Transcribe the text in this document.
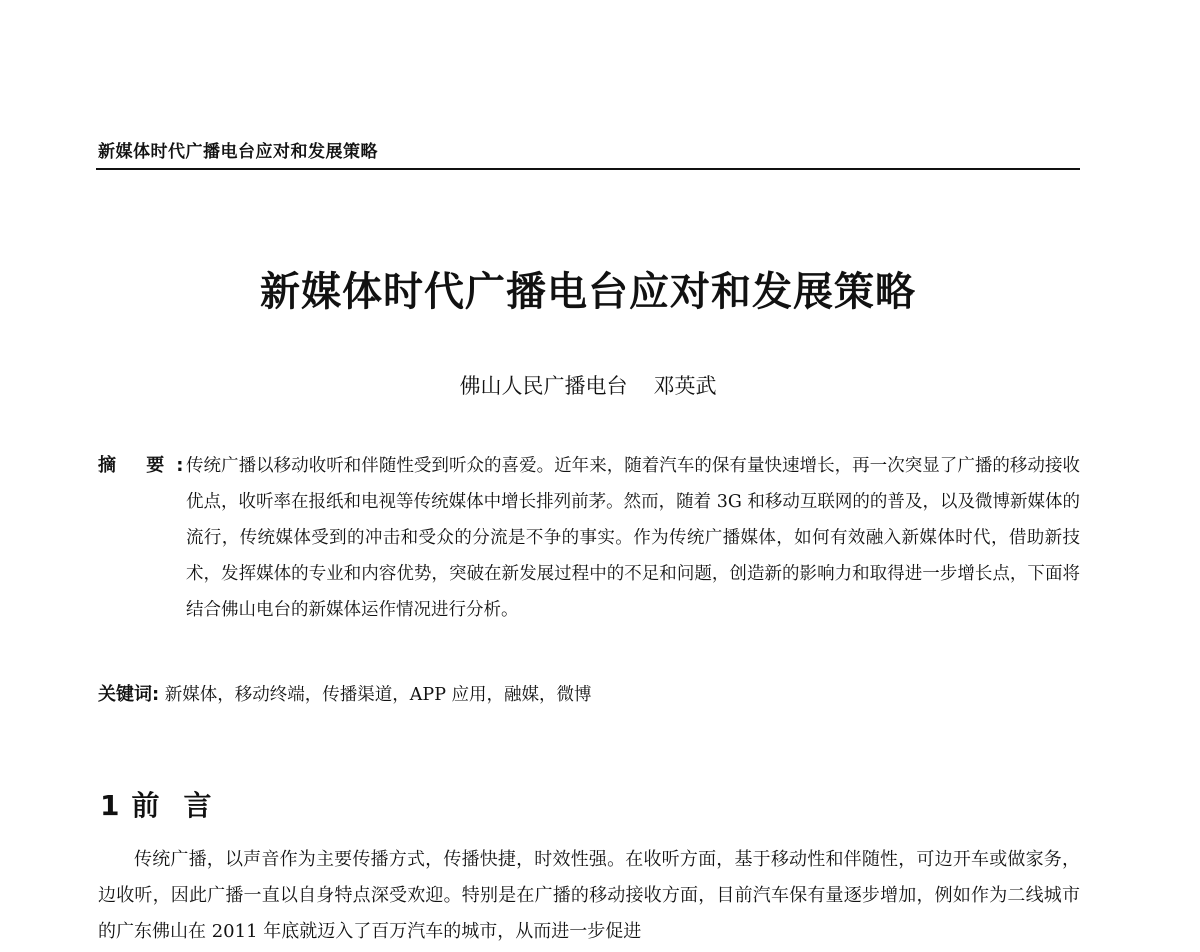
新媒体时代广播电台应对和发展策略
新媒体时代广播电台应对和发展策略
佛山人民广播电台 邓英武
摘 要:
传统广播以移动收听和伴随性受到听众的喜爱。近年来，随着汽车的保有量快速增长，再一次突显了广播的移动接收优点，收听率在报纸和电视等传统媒体中增长排列前茅。然而，随着 3G 和移动互联网的的普及，以及微博新媒体的流行，传统媒体受到的冲击和受众的分流是不争的事实。作为传统广播媒体，如何有效融入新媒体时代，借助新技术，发挥媒体的专业和内容优势，突破在新发展过程中的不足和问题，创造新的影响力和取得进一步增长点，下面将结合佛山电台的新媒体运作情况进行分析。
关键词: 新媒体，移动终端，传播渠道，APP 应用，融媒，微博
1 前言

传统广播，以声音作为主要传播方式，传播快捷，时效性强。在收听方面，基于移动性和伴随性，可边开车或做家务，边收听，因此广播一直以自身特点深受欢迎。特别是在广播的移动接收方面，目前汽车保有量逐步增加，例如作为二线城市的广东佛山在 2011 年底就迈入了百万汽车的城市，从而进一步促进
